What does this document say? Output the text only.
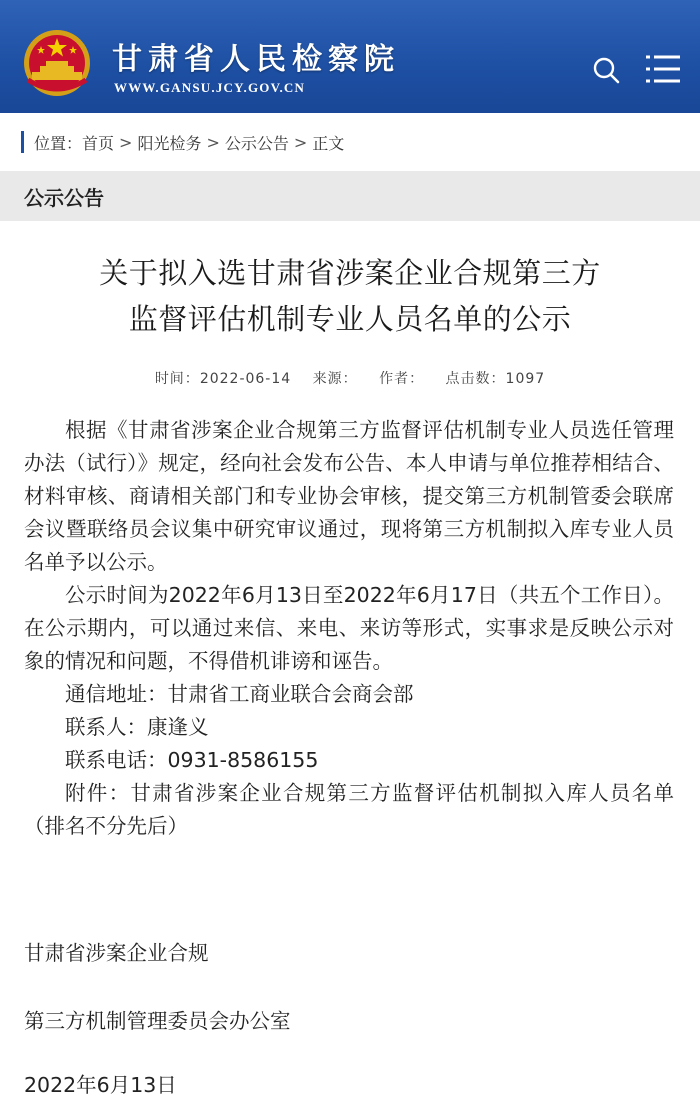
甘肃省人民检察院
WWW.GANSU.JCY.GOV.CN
位置： 首页 > 阳光检务 > 公示公告 > 正文
公示公告
关于拟入选甘肃省涉案企业合规第三方
监督评估机制专业人员名单的公示
时间：2022-06-14 来源： 作者： 点击数：1097

根据《甘肃省涉案企业合规第三方监督评估机制专业人员选任管理办法（试行）》规定，经向社会发布公告、本人申请与单位推荐相结合、材料审核、商请相关部门和专业协会审核，提交第三方机制管委会联席会议暨联络员会议集中研究审议通过，现将第三方机制拟入库专业人员名单予以公示。

公示时间为2022年6月13日至2022年6月17日（共五个工作日）。在公示期内，可以通过来信、来电、来访等形式，实事求是反映公示对象的情况和问题，不得借机诽谤和诬告。

通信地址：甘肃省工商业联合会商会部

联系人：康逢义

联系电话：0931-8586155

附件：甘肃省涉案企业合规第三方监督评估机制拟入库人员名单（排名不分先后）

甘肃省涉案企业合规
第三方机制管理委员会办公室
2022年6月13日
